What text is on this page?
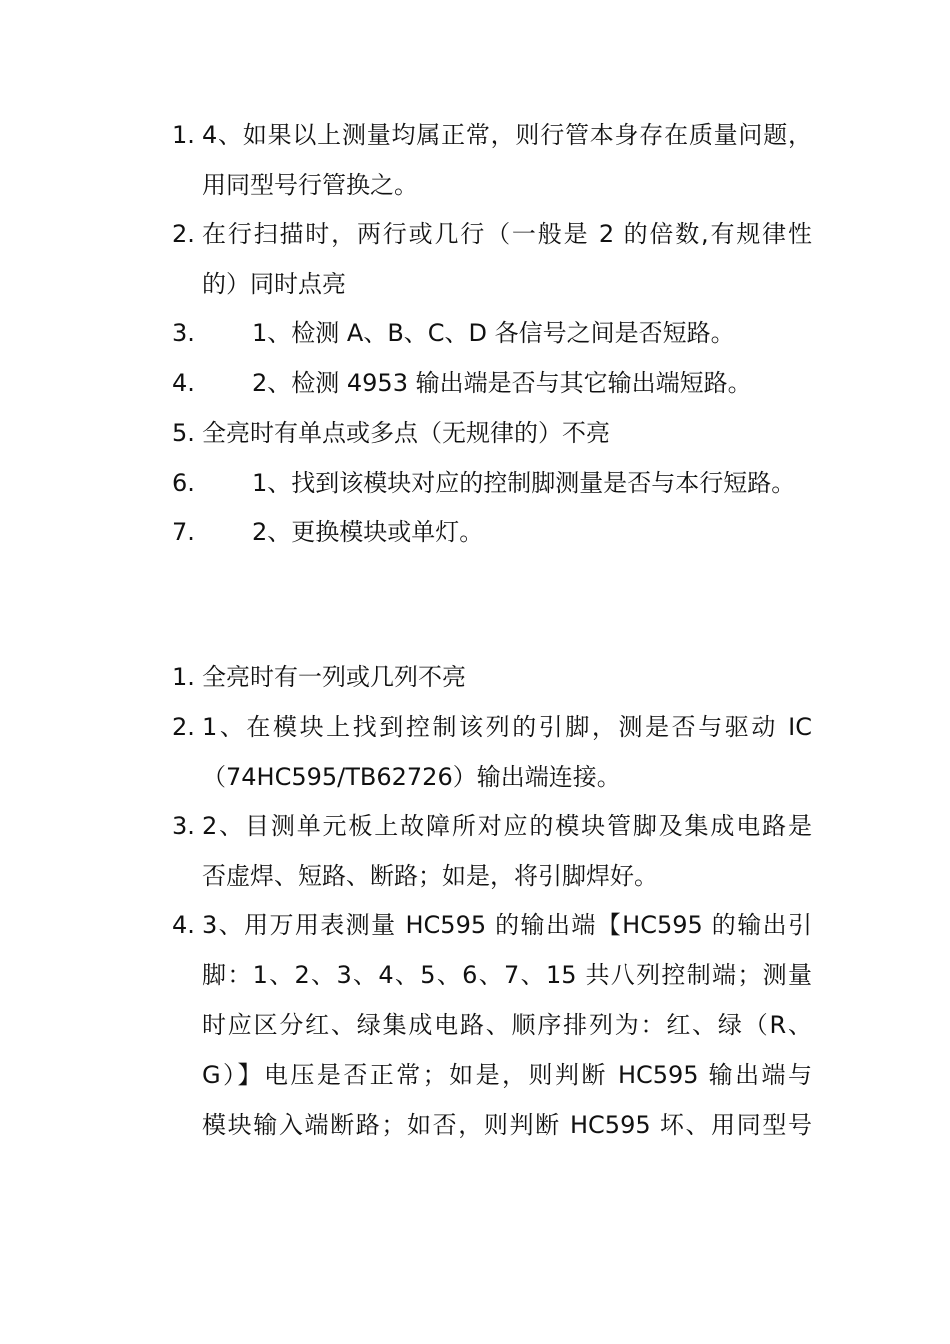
1. 4、如果以上测量均属正常，则行管本身存在质量问题，
用同型号行管换之。
2. 在行扫描时，两行或几行（一般是 2 的倍数,有规律性
的）同时点亮
3. 1、检测 A、B、C、D 各信号之间是否短路。
4. 2、检测 4953 输出端是否与其它输出端短路。
5. 全亮时有单点或多点（无规律的）不亮
6. 1、找到该模块对应的控制脚测量是否与本行短路。
7. 2、更换模块或单灯。
1. 全亮时有一列或几列不亮
2. 1、在模块上找到控制该列的引脚，测是否与驱动 IC
（74HC595/TB62726）输出端连接。
3. 2、目测单元板上故障所对应的模块管脚及集成电路是
否虚焊、短路、断路；如是，将引脚焊好。
4. 3、用万用表测量 HC595 的输出端【HC595 的输出引
脚：1、2、3、4、5、6、7、15 共八列控制端；测量
时应区分红、绿集成电路、顺序排列为：红、绿（R、
G）】电压是否正常；如是，则判断 HC595 输出端与
模块输入端断路；如否，则判断 HC595 坏、用同型号
